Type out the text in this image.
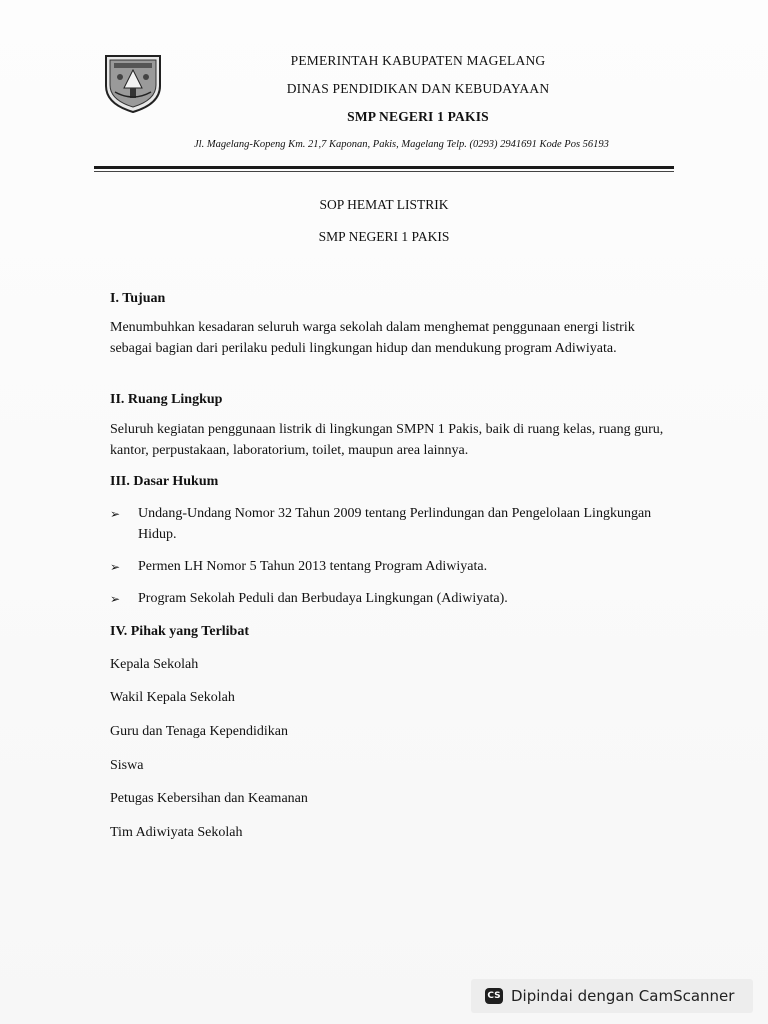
PEMERINTAH KABUPATEN MAGELANG
DINAS PENDIDIKAN DAN KEBUDAYAAN
SMP NEGERI 1 PAKIS
Jl. Magelang-Kopeng Km. 21,7 Kaponan, Pakis, Magelang Telp. (0293) 2941691 Kode Pos 56193
SOP HEMAT LISTRIK
SMP NEGERI 1 PAKIS
I. Tujuan
Menumbuhkan kesadaran seluruh warga sekolah dalam menghemat penggunaan energi listrik sebagai bagian dari perilaku peduli lingkungan hidup dan mendukung program Adiwiyata.
II. Ruang Lingkup
Seluruh kegiatan penggunaan listrik di lingkungan SMPN 1 Pakis, baik di ruang kelas, ruang guru, kantor, perpustakaan, laboratorium, toilet, maupun area lainnya.
III. Dasar Hukum
➢ Undang-Undang Nomor 32 Tahun 2009 tentang Perlindungan dan Pengelolaan Lingkungan Hidup.
➢ Permen LH Nomor 5 Tahun 2013 tentang Program Adiwiyata.
➢ Program Sekolah Peduli dan Berbudaya Lingkungan (Adiwiyata).
IV. Pihak yang Terlibat
Kepala Sekolah
Wakil Kepala Sekolah
Guru dan Tenaga Kependidikan
Siswa
Petugas Kebersihan dan Keamanan
Tim Adiwiyata Sekolah
CS Dipindai dengan CamScanner
